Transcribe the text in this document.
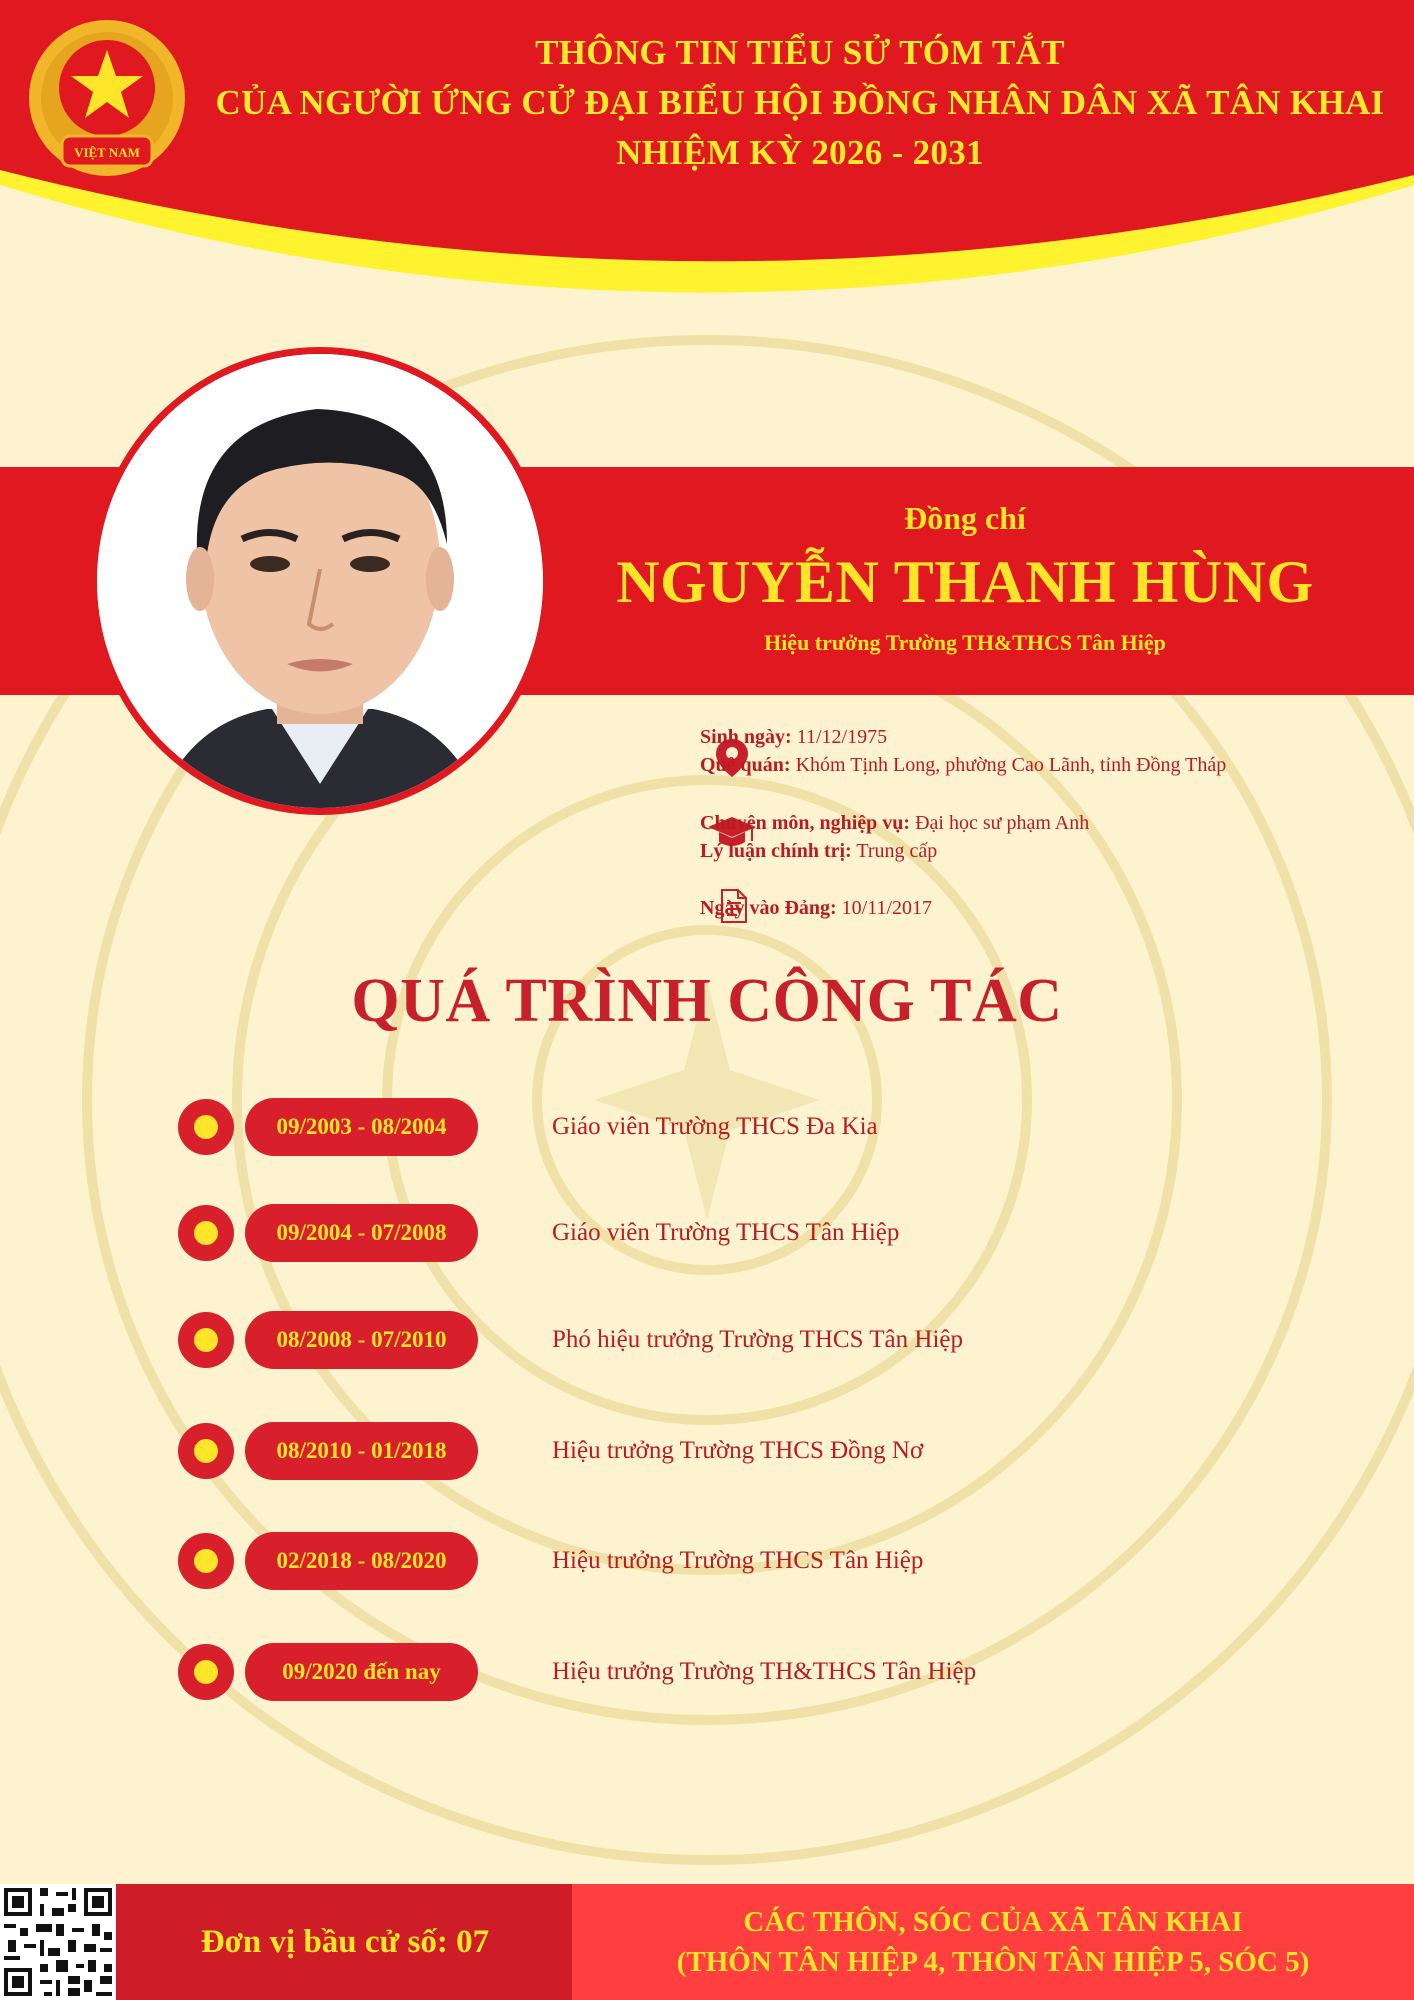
VIỆT NAM
THÔNG TIN TIỂU SỬ TÓM TẮT
CỦA NGƯỜI ỨNG CỬ ĐẠI BIỂU HỘI ĐỒNG NHÂN DÂN XÃ TÂN KHAI
NHIỆM KỲ 2026 - 2031
Đồng chí
NGUYỄN THANH HÙNG
Hiệu trưởng Trường TH&THCS Tân Hiệp
Sinh ngày: 11/12/1975
Quê quán: Khóm Tịnh Long, phường Cao Lãnh, tỉnh Đồng Tháp
Chuyên môn, nghiệp vụ: Đại học sư phạm Anh
Lý luận chính trị: Trung cấp
Ngày vào Đảng: 10/11/2017
QUÁ TRÌNH CÔNG TÁC
09/2003 - 08/2004	Giáo viên Trường THCS Đa Kia
09/2004 - 07/2008	Giáo viên Trường THCS Tân Hiệp
08/2008 - 07/2010	Phó hiệu trưởng Trường THCS Tân Hiệp
08/2010 - 01/2018	Hiệu trưởng Trường THCS Đồng Nơ
02/2018 - 08/2020	Hiệu trưởng Trường THCS Tân Hiệp
09/2020 đến nay	Hiệu trưởng Trường TH&THCS Tân Hiệp
Đơn vị bầu cử số: 07
CÁC THÔN, SÓC CỦA XÃ TÂN KHAI
(THÔN TÂN HIỆP 4, THÔN TÂN HIỆP 5, SÓC 5)
